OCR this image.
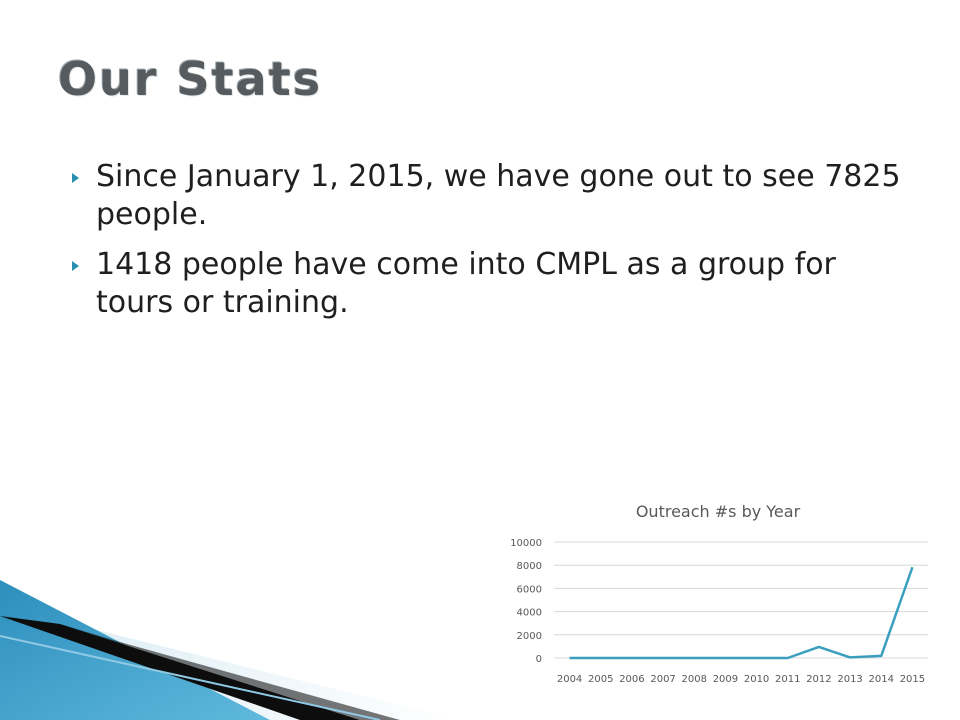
Our Stats
Since January 1, 2015, we have gone out to see 7825 people.
1418 people have come into CMPL as a group for tours or training.
Outreach #s by Year
0
2000
4000
6000
8000
10000
2004 2005 2006 2007 2008 2009 2010 2011 2012 2013 2014 2015
